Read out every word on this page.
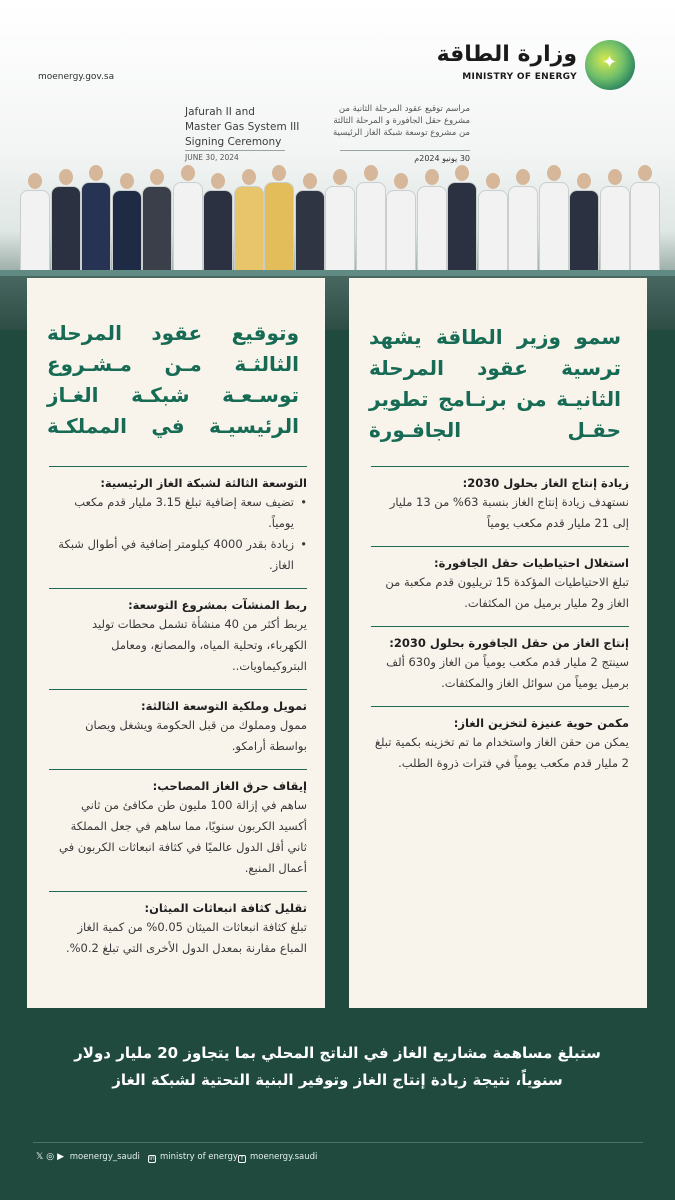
moenergy.gov.sa
✦
وزارة الطاقة
MINISTRY OF ENERGY
Jafurah II and
Master Gas System III
Signing Ceremony
JUNE 30, 2024
مراسم توقيع عقود المرحلة الثانية من مشروع حقل الجافورة و المرحلة الثالثة من مشروع توسعة شبكة الغاز الرئيسية
30 يونيو 2024م
سمو وزير الطاقة يشهد ترسية عقود المرحلة الثانيـة من برنـامج تطوير حقـل الجافـورة
زيادة إنتاج الغاز بحلول 2030:
نستهدف زيادة إنتاج الغاز بنسبة 63% من 13 مليار إلى 21 مليار قدم مكعب يومياً
استغلال احتياطيات حقل الجافورة:
تبلغ الاحتياطيات المؤكدة 15 تريليون قدم مكعبة من الغاز و2 مليار برميل من المكثفات.
إنتاج الغاز من حقل الجافورة بحلول 2030:
سينتج 2 مليار قدم مكعب يومياً من الغاز و630 ألف برميل يومياً من سوائل الغاز والمكثفات.
مكمن حوية عنيزة لتخزين الغاز:
يمكن من حقن الغاز واستخدام ما تم تخزينه بكمية تبلغ 2 مليار قدم مكعب يومياً في فترات ذروة الطلب.
وتوقيع عقود المرحلة الثالثـة مـن مـشـروع توسـعـة شبكـة الغـاز الرئيسيـة في المملكـة
التوسعة الثالثة لشبكة الغاز الرئيسية:
• تضيف سعة إضافية تبلغ 3.15 مليار قدم مكعب يومياً.
• زيادة بقدر 4000 كيلومتر إضافية في أطوال شبكة الغاز.
ربط المنشآت بمشروع التوسعة:
يربط أكثر من 40 منشأة تشمل محطات توليد الكهرباء، وتحلية المياه، والمصانع، ومعامل البتروكيماويات..
تمويل وملكية التوسعة الثالثة:
ممول ومملوك من قبل الحكومة ويشغل ويصان بواسطة أرامكو.
إيقاف حرق الغاز المصاحب:
ساهم في إزالة 100 مليون طن مكافئ من ثاني أكسيد الكربون سنويًا، مما ساهم في جعل المملكة ثاني أقل الدول عالميًا في كثافة انبعاثات الكربون في أعمال المنبع.
تقليل كثافة انبعاثات الميثان:
تبلغ كثافة انبعاثات الميثان 0.05% من كمية الغاز المباع مقارنة بمعدل الدول الأخرى التي تبلغ 0.2%.
ستبلغ مساهمة مشاريع الغاز في الناتج المحلي بما يتجاوز 20 مليار دولار
سنوياً، نتيجة زيادة إنتاج الغاز وتوفير البنية التحتية لشبكة الغاز
𝕏 ◎ ▶ moenergy_saudi in ministry of energy f moenergy.saudi
